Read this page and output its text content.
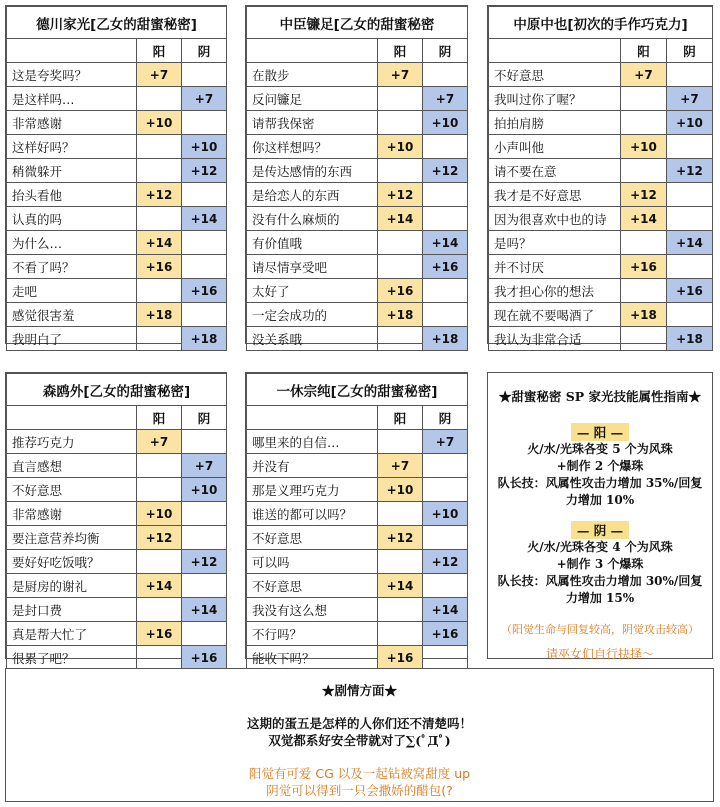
德川家光[乙女的甜蜜秘密]		
	阳	阴
这是夸奖吗？	+7	
是这样吗…		+7
非常感谢	+10	
这样好吗？		+10
稍微躲开		+12
抬头看他	+12	
认真的吗		+14
为什么…	+14	
不看了吗？	+16	
走吧		+16
感觉很害羞	+18	
我明白了		+18
中臣镰足[乙女的甜蜜秘密		
	阳	阴
在散步	+7	
反问镰足		+7
请帮我保密		+10
你这样想吗？	+10	
是传达感情的东西		+12
是给恋人的东西	+12	
没有什么麻烦的	+14	
有价值哦		+14
请尽情享受吧		+16
太好了	+16	
一定会成功的	+18	
没关系哦		+18
中原中也[初次的手作巧克力]		
	阳	阴
不好意思	+7	
我叫过你了喔？		+7
拍拍肩膀		+10
小声叫他	+10	
请不要在意		+12
我才是不好意思	+12	
因为很喜欢中也的诗	+14	
是吗？		+14
并不讨厌	+16	
我才担心你的想法		+16
现在就不要喝酒了	+18	
我认为非常合适		+18
森鸥外[乙女的甜蜜秘密]		
	阳	阴
推荐巧克力	+7	
直言感想		+7
不好意思		+10
非常感谢	+10	
要注意营养均衡	+12	
要好好吃饭哦？		+12
是厨房的谢礼	+14	
是封口费		+14
真是帮大忙了	+16	
很累了吧？		+16
一休宗纯[乙女的甜蜜秘密]		
	阳	阴
哪里来的自信…		+7
并没有	+7	
那是义理巧克力	+10	
谁送的都可以吗？		+10
不好意思	+12	
可以吗		+12
不好意思	+14	
我没有这么想		+14
不行吗？		+16
能收下吗？	+16	
★甜蜜秘密 SP 家光技能属性指南★
— 阳 —
火/水/光珠各变 5 个为风珠
+制作 2 个爆珠
队长技：风属性攻击力增加 35%/回复
力增加 10%
— 阴 —
火/水/光珠各变 4 个为风珠
+制作 3 个爆珠
队长技：风属性攻击力增加 30%/回复
力增加 15%
（阳觉生命与回复较高，阴觉攻击较高）
请巫女们自行抉择～
★剧情方面★
这期的蛋五是怎样的人你们还不清楚吗！
双觉都系好安全带就对了∑(ﾟДﾟ)
阳觉有可爱 CG 以及一起钻被窝甜度 up
阴觉可以得到一只会撒娇的醋包(?
